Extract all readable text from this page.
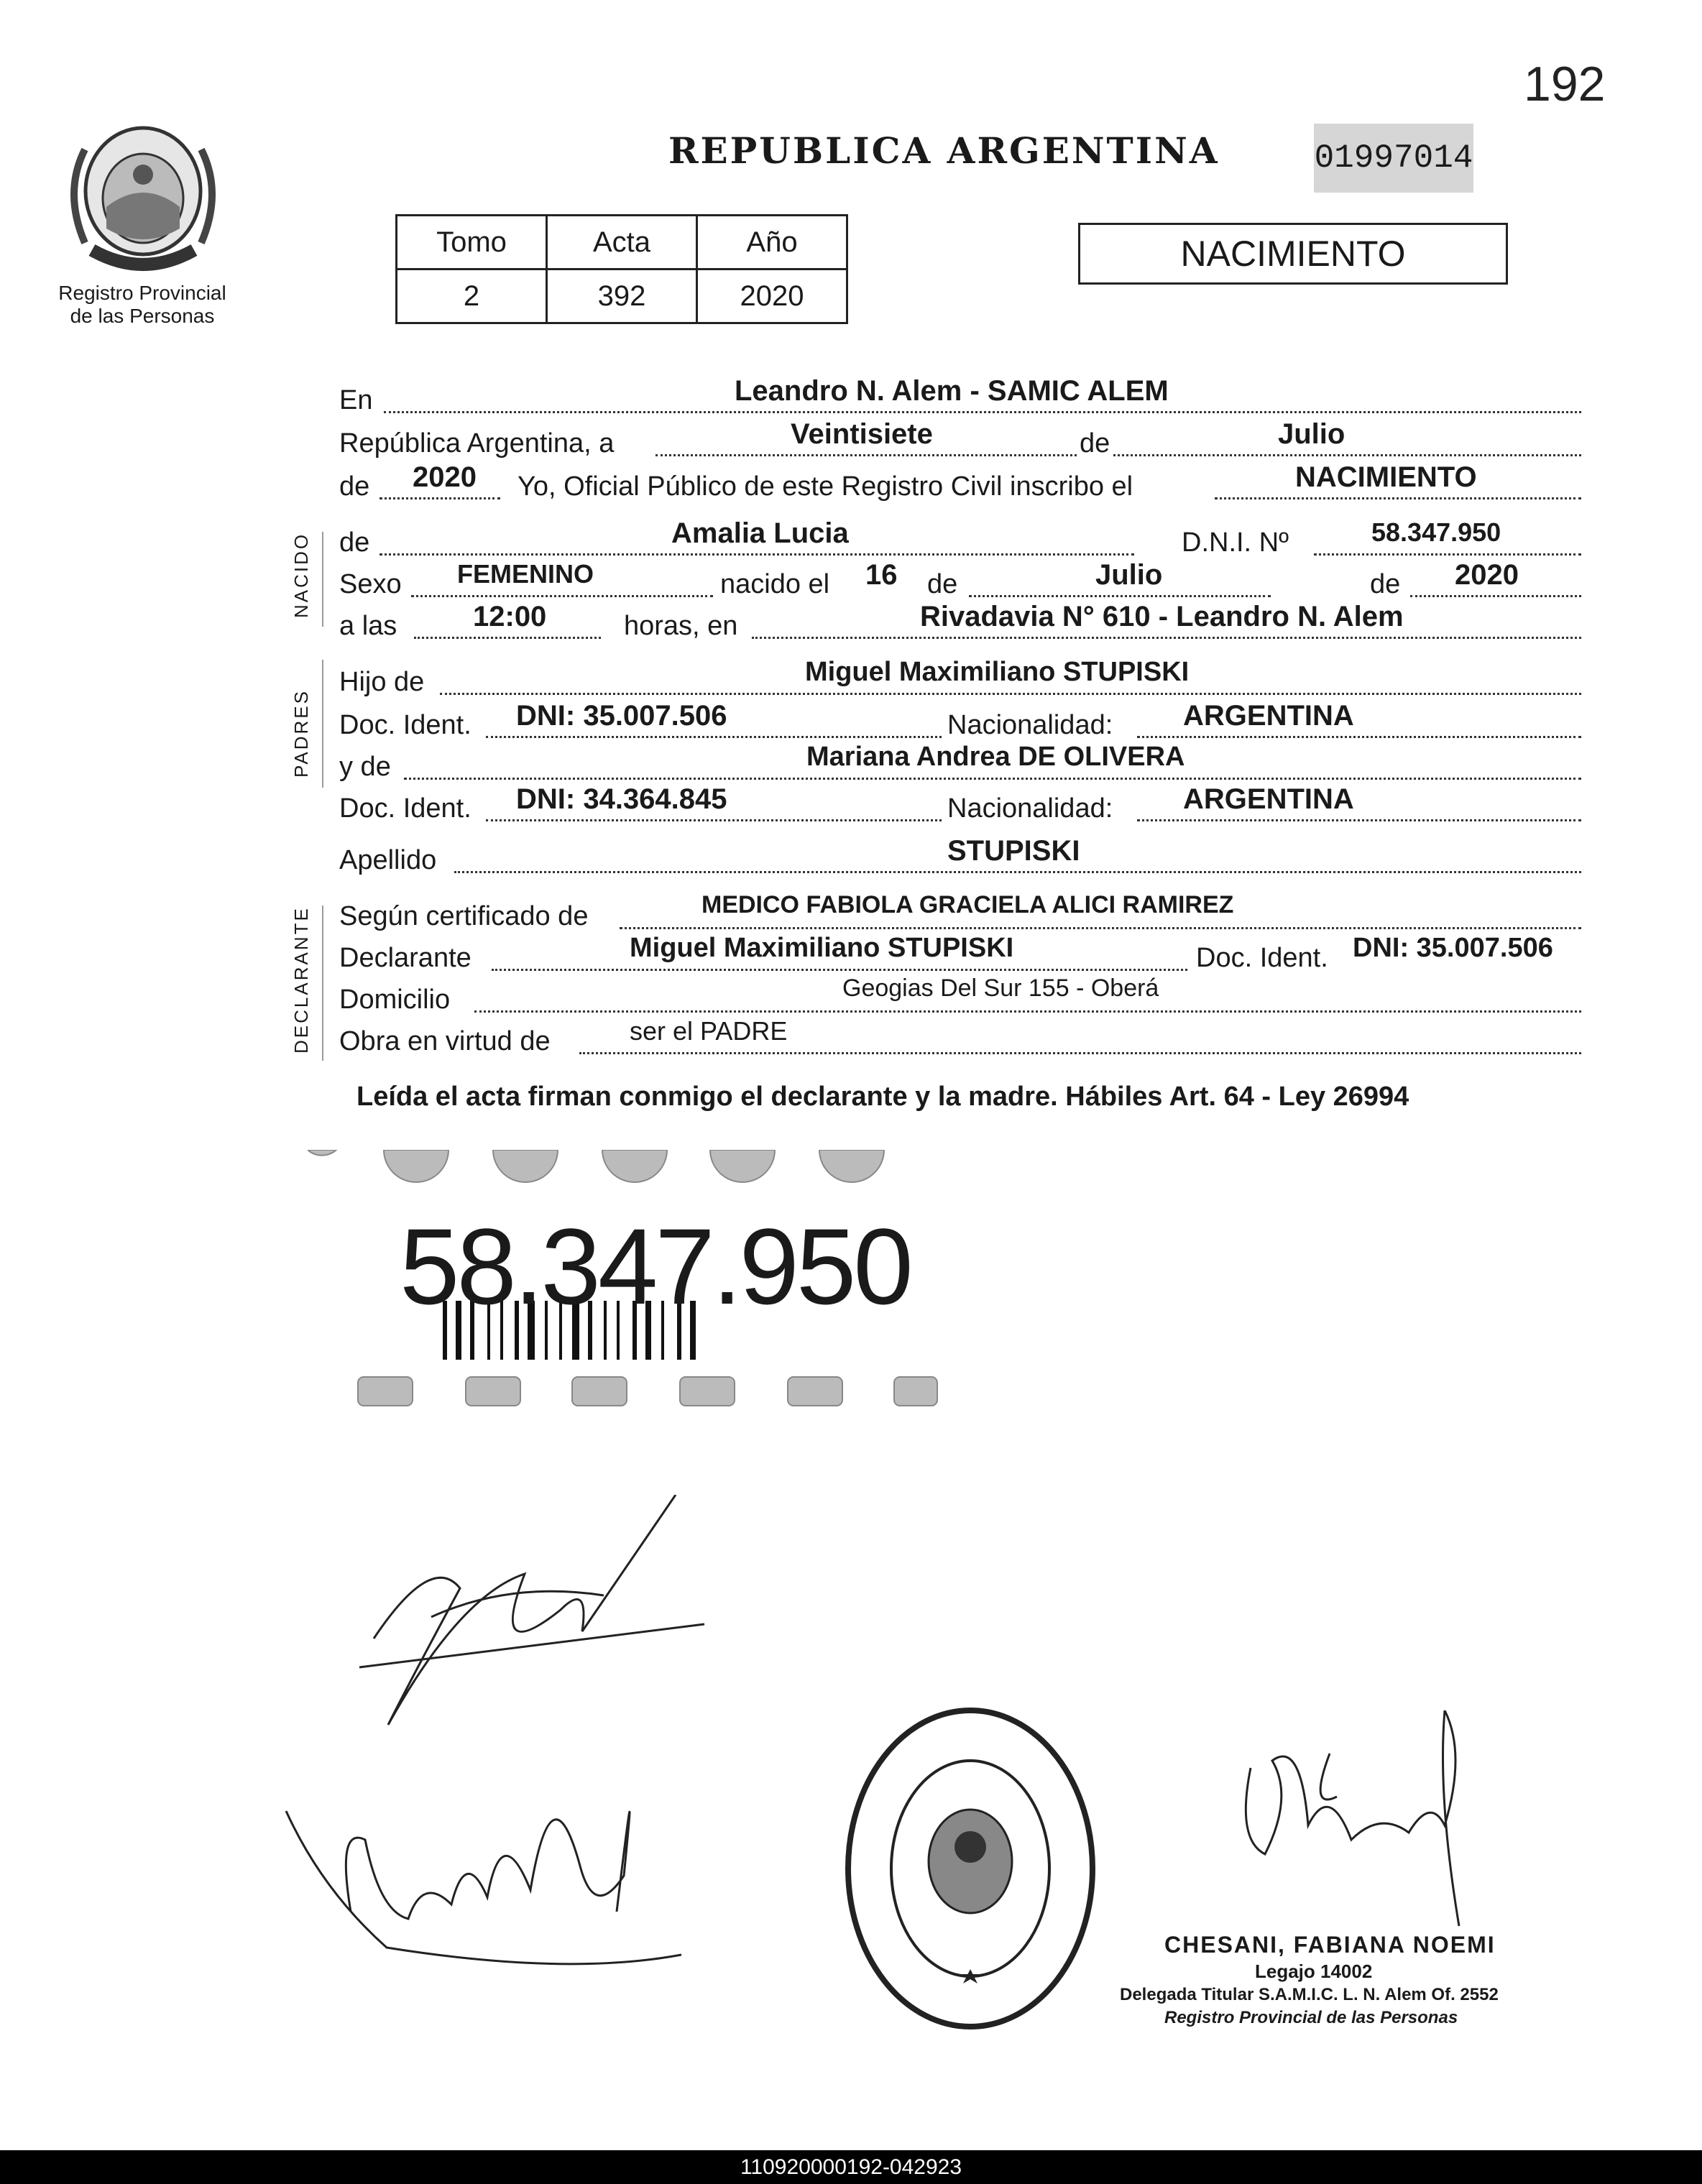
192
REPUBLICA ARGENTINA	01997014
Registro Provincial
de las Personas
Tomo	Acta	Año
2	392	2020
NACIMIENTO
NACIDO
PADRES
DECLARANTE
En	Leandro N. Alem - SAMIC ALEM
República Argentina, a	Veintisiete	de	Julio
de 2020 Yo, Oficial Público de este Registro Civil inscribo el	NACIMIENTO
de	Amalia Lucia	D.N.I. Nº	58.347.950
Sexo FEMENINO	nacido el 16 de	Julio	de 2020
a las	12:00	horas, en	Rivadavia N° 610 - Leandro N. Alem
Hijo de	Miguel Maximiliano STUPISKI
Doc. Ident. DNI: 35.007.506	Nacionalidad: ARGENTINA
y de	Mariana Andrea DE OLIVERA
Doc. Ident. DNI: 34.364.845	Nacionalidad: ARGENTINA
Apellido	STUPISKI
Según certificado de	MEDICO FABIOLA GRACIELA ALICI RAMIREZ
Declarante	Miguel Maximiliano STUPISKI	Doc. Ident. DNI: 35.007.506
Domicilio	Geogias Del Sur 155 - Oberá
Obra en virtud de	ser el PADRE
Leída el acta firman conmigo el declarante y la madre. Hábiles Art. 64 - Ley 26994
58.347.950
CHESANI, FABIANA NOEMI
Legajo 14002
Delegada Titular S.A.M.I.C. L. N. Alem Of. 2552
Registro Provincial de las Personas
110920000192-042923
